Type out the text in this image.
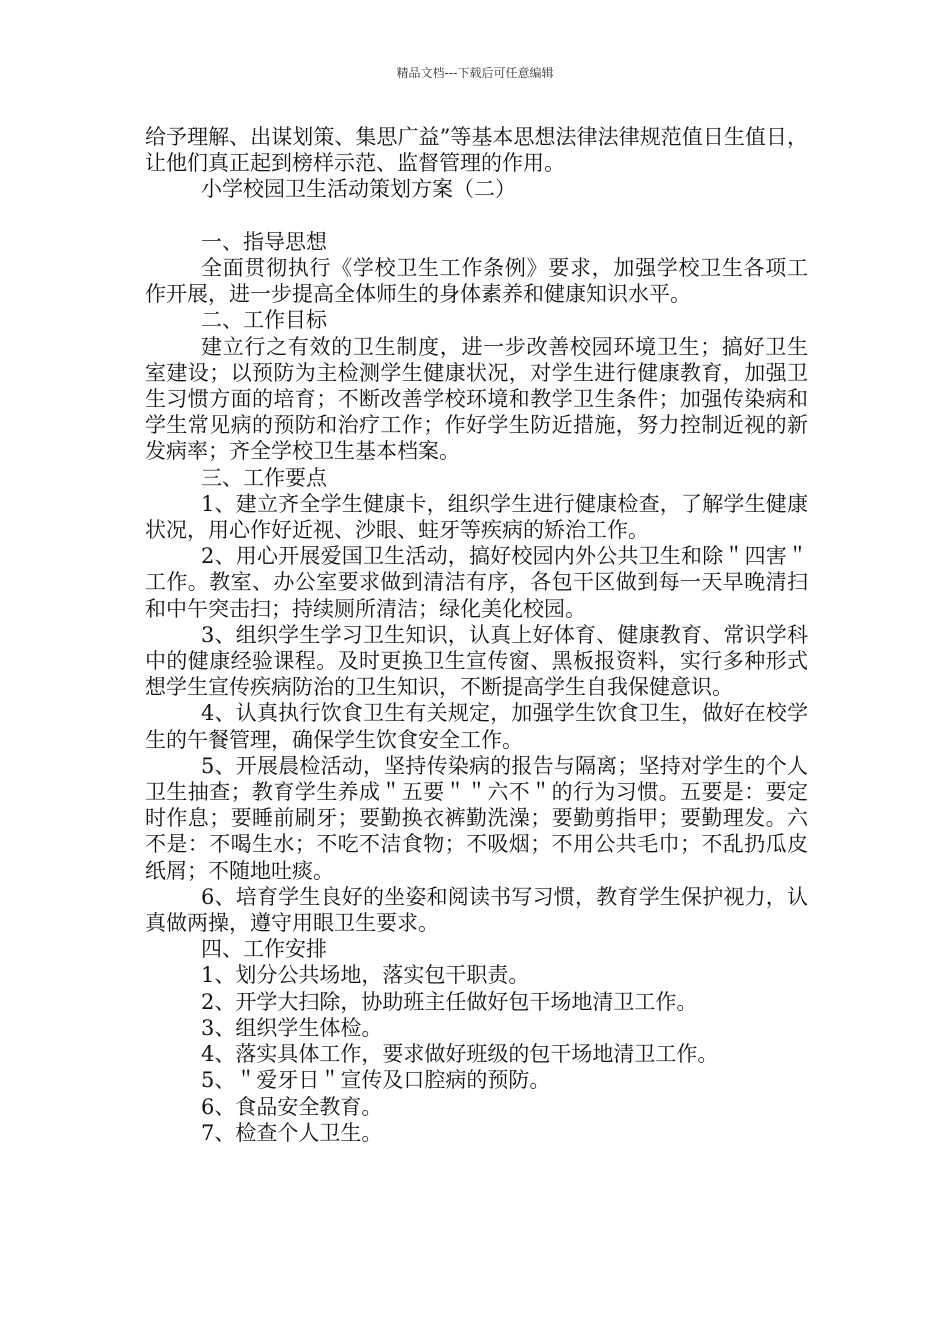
精品文档---下载后可任意编辑

给予理解、出谋划策、集思广益”等基本思想法律法律规范值日生值日，让他们真正起到榜样示范、监督管理的作用。

小学校园卫生活动策划方案（二）

一、指导思想

全面贯彻执行《学校卫生工作条例》要求，加强学校卫生各项工作开展，进一步提高全体师生的身体素养和健康知识水平。

二、工作目标

建立行之有效的卫生制度，进一步改善校园环境卫生；搞好卫生室建设；以预防为主检测学生健康状况，对学生进行健康教育，加强卫生习惯方面的培育；不断改善学校环境和教学卫生条件；加强传染病和学生常见病的预防和治疗工作；作好学生防近措施，努力控制近视的新发病率；齐全学校卫生基本档案。

三、工作要点

1、建立齐全学生健康卡，组织学生进行健康检查，了解学生健康状况，用心作好近视、沙眼、蛀牙等疾病的矫治工作。

2、用心开展爱国卫生活动，搞好校园内外公共卫生和除＂四害＂工作。教室、办公室要求做到清洁有序，各包干区做到每一天早晚清扫和中午突击扫；持续厕所清洁；绿化美化校园。

3、组织学生学习卫生知识，认真上好体育、健康教育、常识学科中的健康经验课程。及时更换卫生宣传窗、黑板报资料，实行多种形式想学生宣传疾病防治的卫生知识，不断提高学生自我保健意识。

4、认真执行饮食卫生有关规定，加强学生饮食卫生，做好在校学生的午餐管理，确保学生饮食安全工作。

5、开展晨检活动，坚持传染病的报告与隔离；坚持对学生的个人卫生抽查；教育学生养成＂五要＂＂六不＂的行为习惯。五要是：要定时作息；要睡前刷牙；要勤换衣裤勤洗澡；要勤剪指甲；要勤理发。六不是：不喝生水；不吃不洁食物；不吸烟；不用公共毛巾；不乱扔瓜皮纸屑；不随地吐痰。

6、培育学生良好的坐姿和阅读书写习惯，教育学生保护视力，认真做两操，遵守用眼卫生要求。

四、工作安排

1、划分公共场地，落实包干职责。

2、开学大扫除，协助班主任做好包干场地清卫工作。

3、组织学生体检。

4、落实具体工作，要求做好班级的包干场地清卫工作。

5、＂爱牙日＂宣传及口腔病的预防。

6、食品安全教育。

7、检查个人卫生。
